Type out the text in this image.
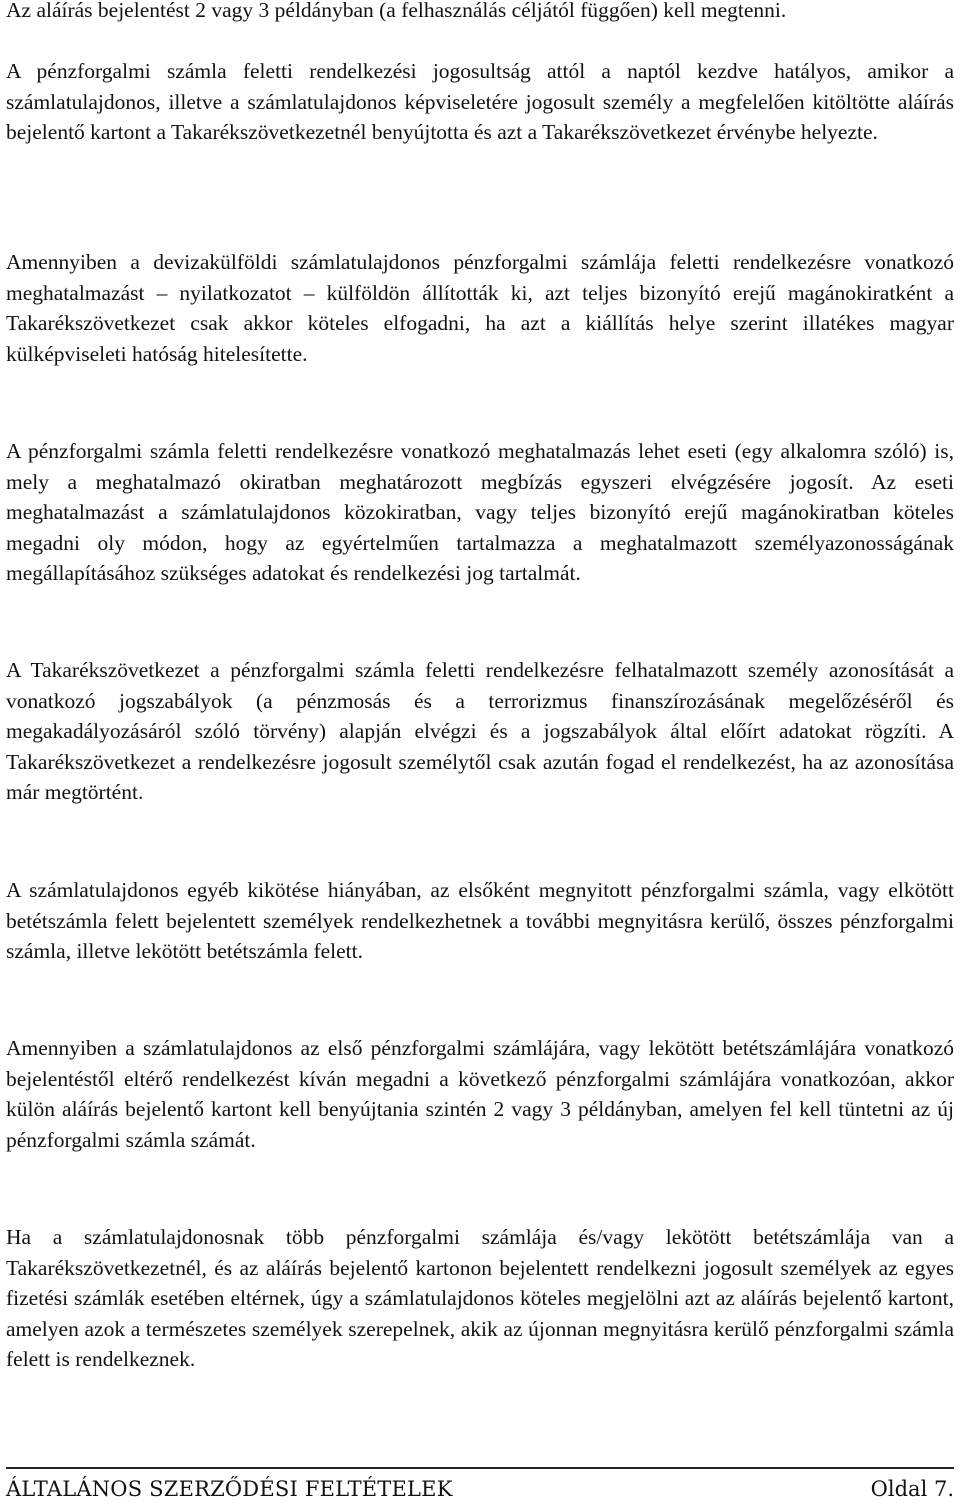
Az aláírás bejelentést 2 vagy 3 példányban (a felhasználás céljától függően) kell megtenni.

A pénzforgalmi számla feletti rendelkezési jogosultság attól a naptól kezdve hatályos, amikor a számlatulajdonos, illetve a számlatulajdonos képviseletére jogosult személy a megfelelően kitöltötte aláírás bejelentő kartont a Takarékszövetkezetnél benyújtotta és azt a Takarékszövetkezet érvénybe helyezte.

Amennyiben a devizakülföldi számlatulajdonos pénzforgalmi számlája feletti rendelkezésre vonatkozó meghatalmazást – nyilatkozatot – külföldön állították ki, azt teljes bizonyító erejű magánokiratként a Takarékszövetkezet csak akkor köteles elfogadni, ha azt a kiállítás helye szerint illatékes magyar külképviseleti hatóság hitelesítette.

A pénzforgalmi számla feletti rendelkezésre vonatkozó meghatalmazás lehet eseti (egy alkalomra szóló) is, mely a meghatalmazó okiratban meghatározott megbízás egyszeri elvégzésére jogosít. Az eseti meghatalmazást a számlatulajdonos közokiratban, vagy teljes bizonyító erejű magánokiratban köteles megadni oly módon, hogy az egyértelműen tartalmazza a meghatalmazott személyazonosságának megállapításához szükséges adatokat és rendelkezési jog tartalmát.

A Takarékszövetkezet a pénzforgalmi számla feletti rendelkezésre felhatalmazott személy azonosítását a vonatkozó jogszabályok (a pénzmosás és a terrorizmus finanszírozásának megelőzéséről és megakadályozásáról szóló törvény) alapján elvégzi és a jogszabályok által előírt adatokat rögzíti. A Takarékszövetkezet a rendelkezésre jogosult személytől csak azután fogad el rendelkezést, ha az azonosítása már megtörtént.

A számlatulajdonos egyéb kikötése hiányában, az elsőként megnyitott pénzforgalmi számla, vagy elkötött betétszámla felett bejelentett személyek rendelkezhetnek a további megnyitásra kerülő, összes pénzforgalmi számla, illetve lekötött betétszámla felett.

Amennyiben a számlatulajdonos az első pénzforgalmi számlájára, vagy lekötött betétszámlájára vonatkozó bejelentéstől eltérő rendelkezést kíván megadni a következő pénzforgalmi számlájára vonatkozóan, akkor külön aláírás bejelentő kartont kell benyújtania szintén 2 vagy 3 példányban, amelyen fel kell tüntetni az új pénzforgalmi számla számát.

Ha a számlatulajdonosnak több pénzforgalmi számlája és/vagy lekötött betétszámlája van a Takarékszövetkezetnél, és az aláírás bejelentő kartonon bejelentett rendelkezni jogosult személyek az egyes fizetési számlák esetében eltérnek, úgy a számlatulajdonos köteles megjelölni azt az aláírás bejelentő kartont, amelyen azok a természetes személyek szerepelnek, akik az újonnan megnyitásra kerülő pénzforgalmi számla felett is rendelkeznek.

ÁLTALÁNOS SZERZŐDÉSI FELTÉTELEK	Oldal 7.
